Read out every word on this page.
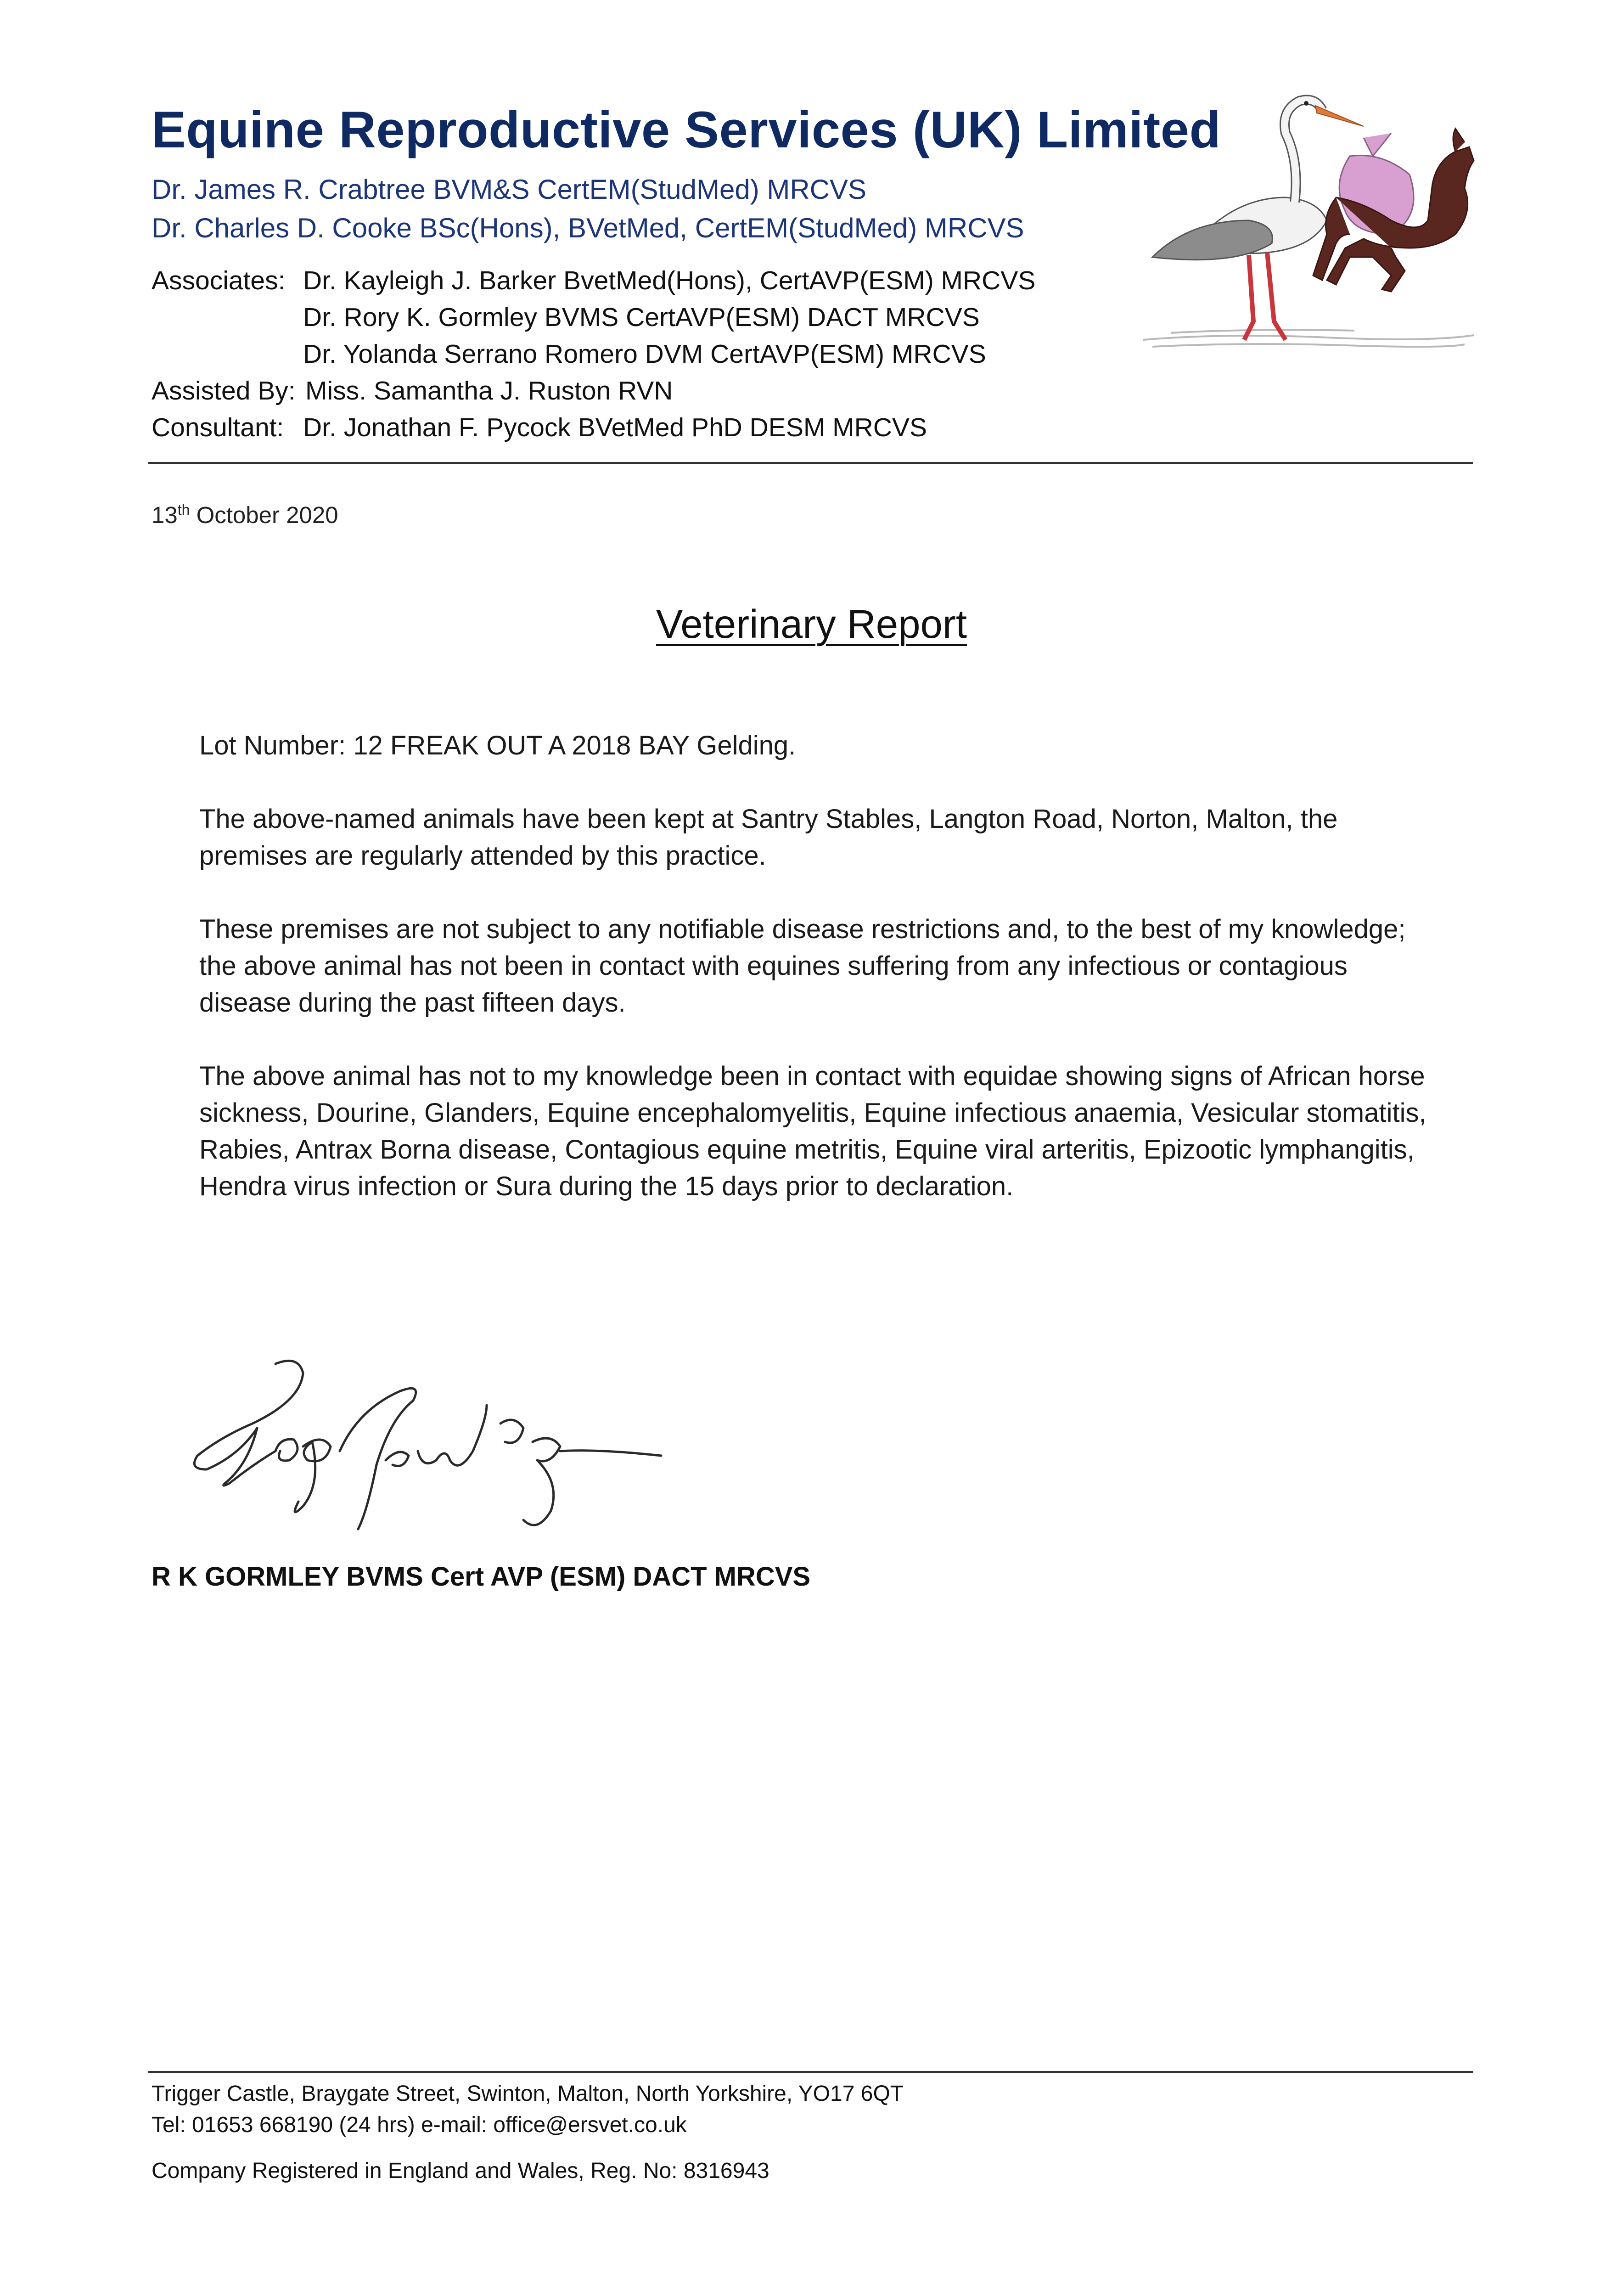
Equine Reproductive Services (UK) Limited
Dr. James R. Crabtree BVM&S CertEM(StudMed) MRCVS
Dr. Charles D. Cooke BSc(Hons), BVetMed, CertEM(StudMed) MRCVS
Associates: Dr. Kayleigh J. Barker BvetMed(Hons), CertAVP(ESM) MRCVS
Dr. Rory K. Gormley BVMS CertAVP(ESM) DACT MRCVS
Dr. Yolanda Serrano Romero DVM CertAVP(ESM) MRCVS
Assisted By: Miss. Samantha J. Ruston RVN
Consultant: Dr. Jonathan F. Pycock BVetMed PhD DESM MRCVS
13th October 2020
Veterinary Report
Lot Number: 12 FREAK OUT A 2018 BAY Gelding.
The above-named animals have been kept at Santry Stables, Langton Road, Norton, Malton, the premises are regularly attended by this practice.
These premises are not subject to any notifiable disease restrictions and, to the best of my knowledge; the above animal has not been in contact with equines suffering from any infectious or contagious disease during the past fifteen days.
The above animal has not to my knowledge been in contact with equidae showing signs of African horse sickness, Dourine, Glanders, Equine encephalomyelitis, Equine infectious anaemia, Vesicular stomatitis, Rabies, Antrax Borna disease, Contagious equine metritis, Equine viral arteritis, Epizootic lymphangitis, Hendra virus infection or Sura during the 15 days prior to declaration.
R K GORMLEY BVMS Cert AVP (ESM) DACT MRCVS
Trigger Castle, Braygate Street, Swinton, Malton, North Yorkshire, YO17 6QT
Tel: 01653 668190 (24 hrs) e-mail: office@ersvet.co.uk
Company Registered in England and Wales, Reg. No: 8316943
